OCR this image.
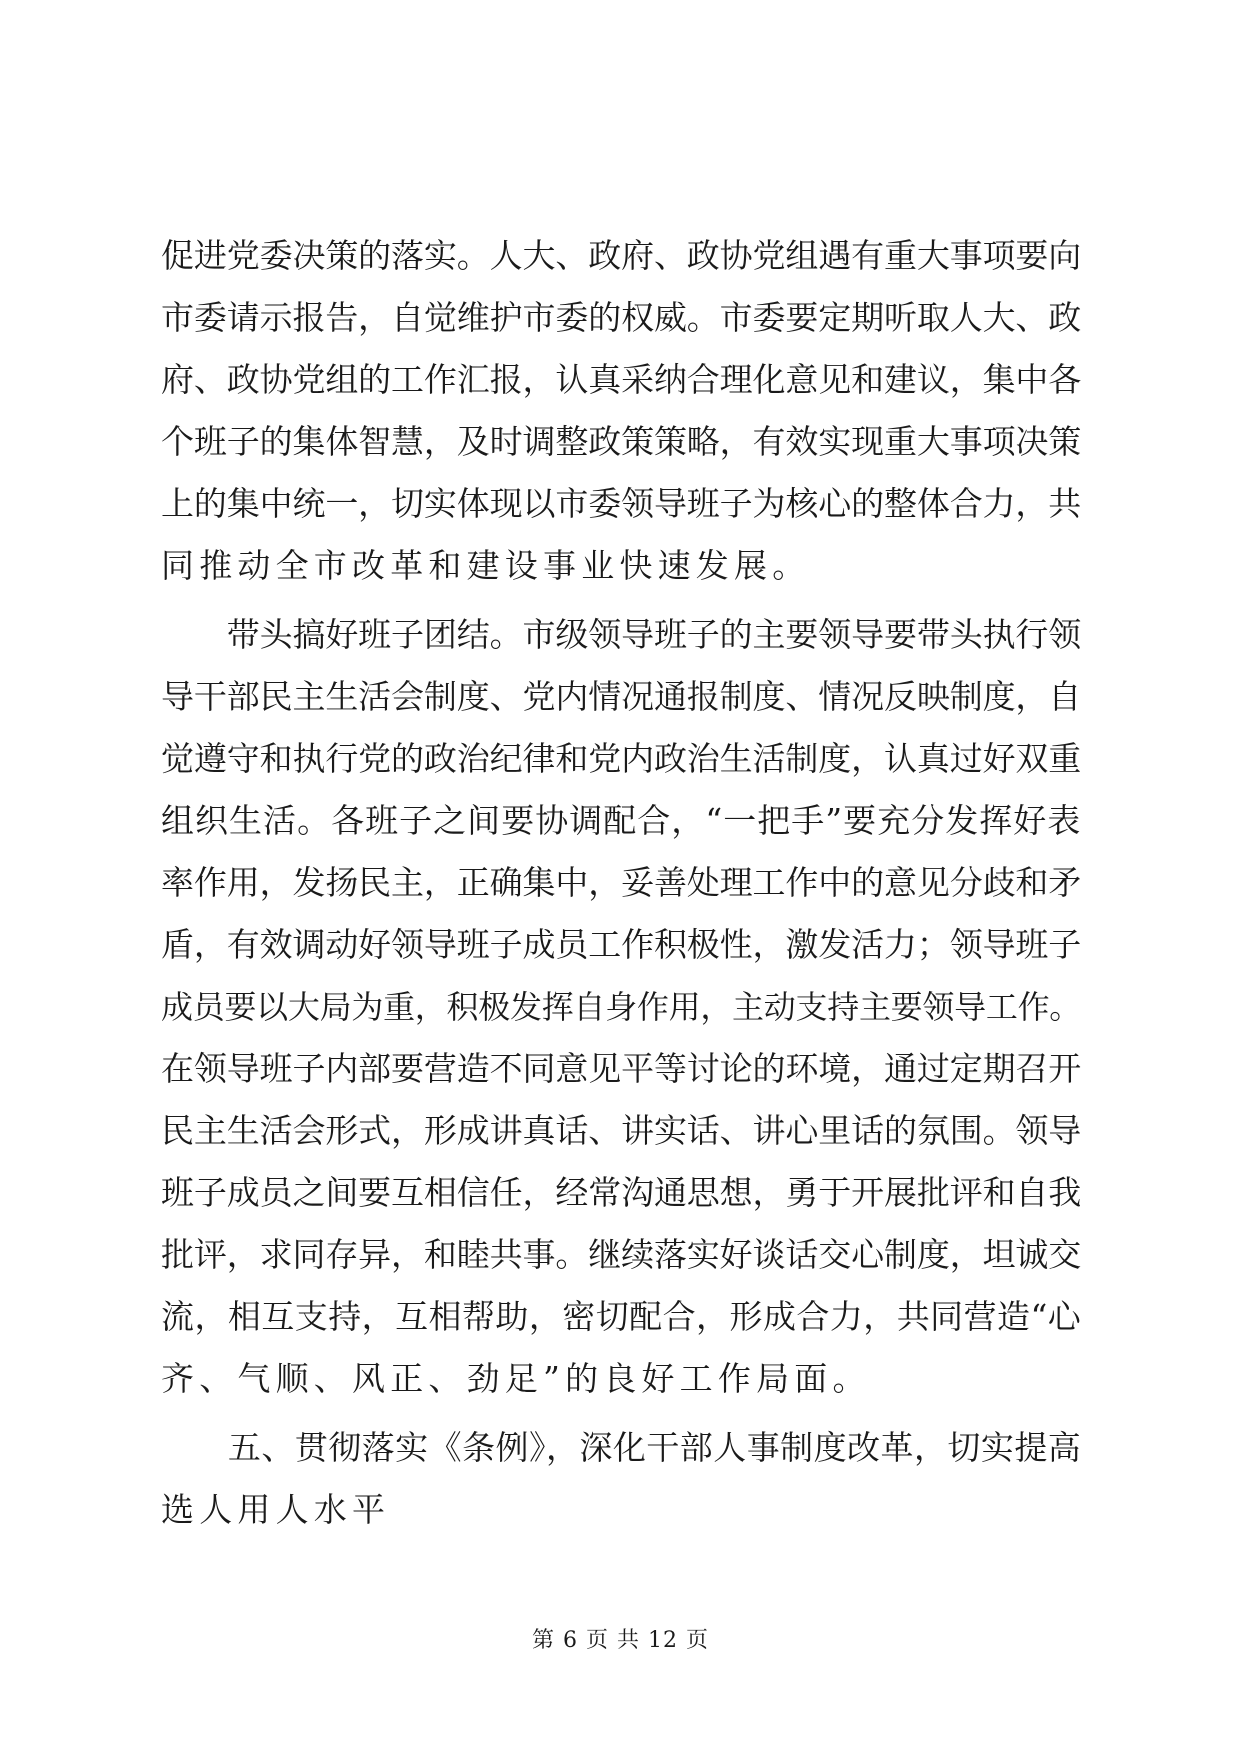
促进党委决策的落实。人大、政府、政协党组遇有重大事项要向
市委请示报告，自觉维护市委的权威。市委要定期听取人大、政
府、政协党组的工作汇报，认真采纳合理化意见和建议，集中各
个班子的集体智慧，及时调整政策策略，有效实现重大事项决策
上的集中统一，切实体现以市委领导班子为核心的整体合力，共
同推动全市改革和建设事业快速发展。
　　带头搞好班子团结。市级领导班子的主要领导要带头执行领
导干部民主生活会制度、党内情况通报制度、情况反映制度，自
觉遵守和执行党的政治纪律和党内政治生活制度，认真过好双重
组织生活。各班子之间要协调配合，“一把手”要充分发挥好表
率作用，发扬民主，正确集中，妥善处理工作中的意见分歧和矛
盾，有效调动好领导班子成员工作积极性，激发活力；领导班子
成员要以大局为重，积极发挥自身作用，主动支持主要领导工作。
在领导班子内部要营造不同意见平等讨论的环境，通过定期召开
民主生活会形式，形成讲真话、讲实话、讲心里话的氛围。领导
班子成员之间要互相信任，经常沟通思想，勇于开展批评和自我
批评，求同存异，和睦共事。继续落实好谈话交心制度，坦诚交
流，相互支持，互相帮助，密切配合，形成合力，共同营造“心
齐、气顺、风正、劲足”的良好工作局面。
　　五、贯彻落实《条例》，深化干部人事制度改革，切实提高
选人用人水平
第 6 页 共 12 页
